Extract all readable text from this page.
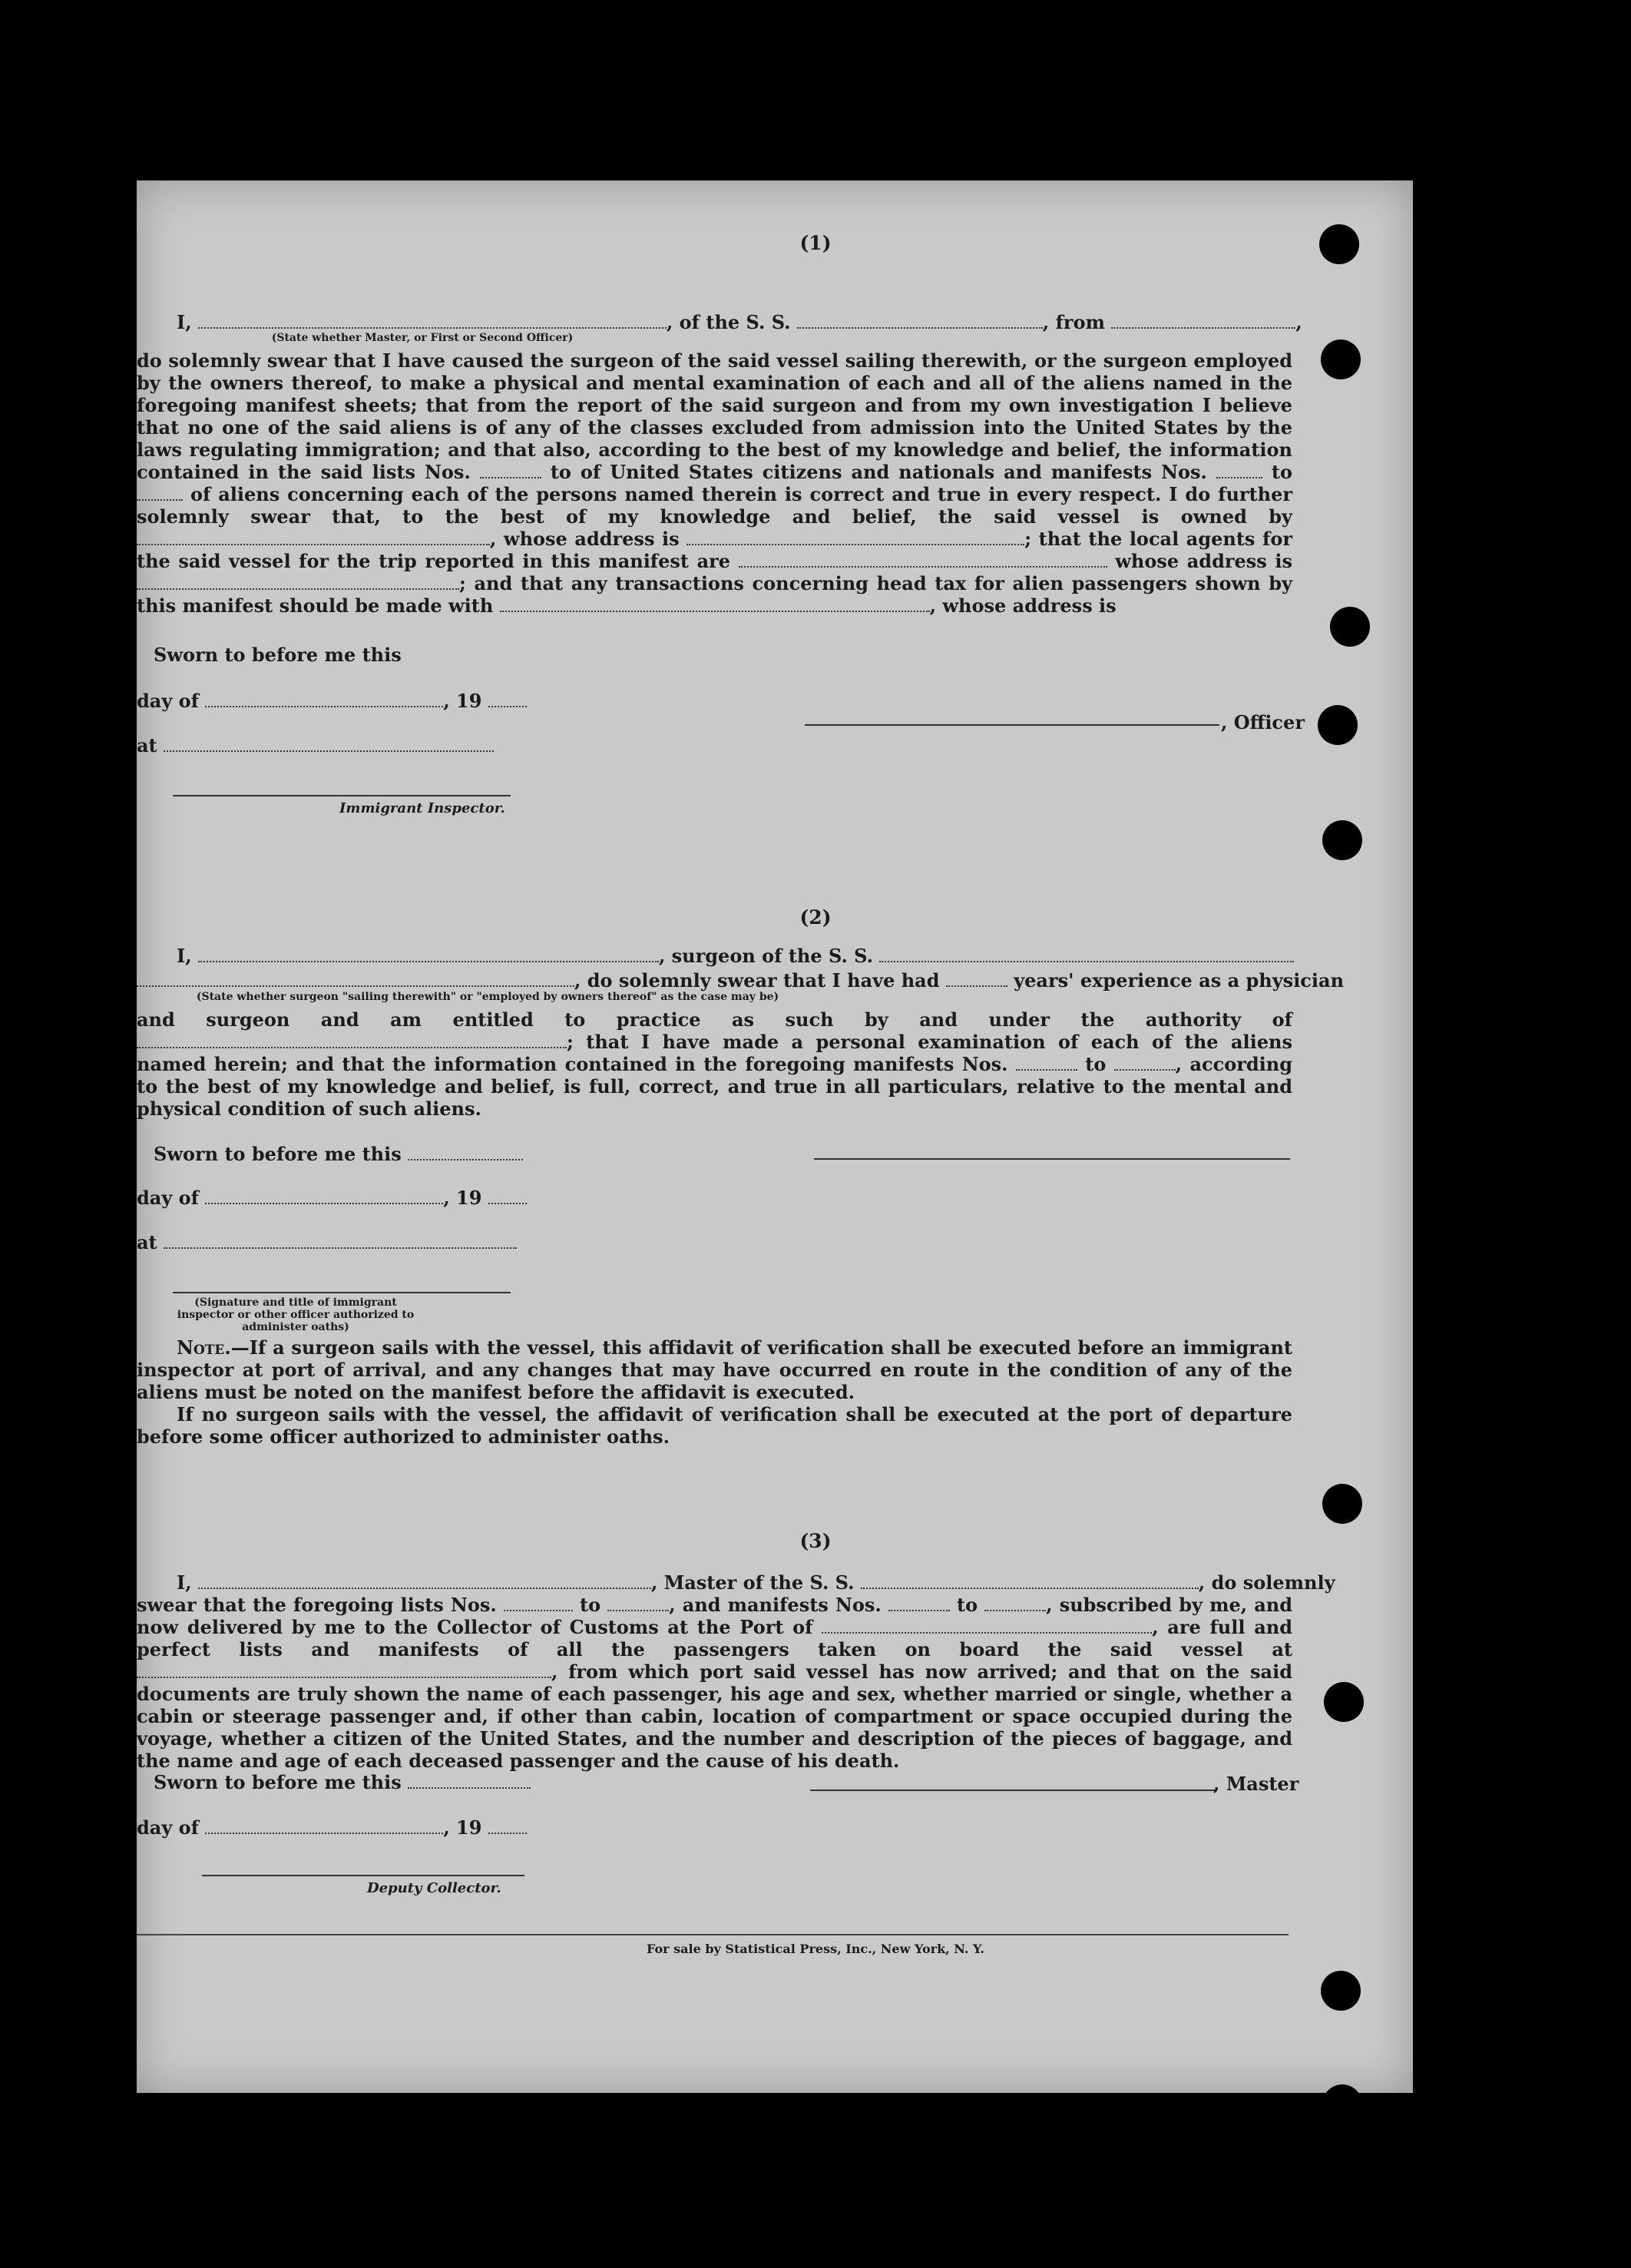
(1)
I,	, of the S. S.	, from	,
(State whether Master, or First or Second Officer)

do solemnly swear that I have caused the surgeon of the said vessel sailing therewith, or the surgeon employed by the owners thereof, to make a physical and mental examination of each and all of the aliens named in the foregoing manifest sheets; that from the report of the said surgeon and from my own investigation I believe that no one of the said aliens is of any of the classes excluded from admission into the United States by the laws regulating immigration; and that also, according to the best of my knowledge and belief, the information contained in the said lists Nos.	to of United States citizens and nationals and manifests Nos.	to  of aliens concerning each of the persons named therein is correct and true in every respect. I do further solemnly swear that, to the best of my knowledge and belief, the said vessel is owned by , whose address is	; that the local agents for the said vessel for the trip reported in this manifest are	whose address is ; and that any transactions concerning head tax for alien passengers shown by this manifest should be made with	, whose address is

Sworn to before me this
day of	, 19
at
Immigrant Inspector.
, Officer
(2)
I,	, surgeon of the S. S.
, do solemnly swear that I have had	years' experience as a physician
(State whether surgeon "sailing therewith" or "employed by owners thereof" as the case may be)

and surgeon and am entitled to practice as such by and under the authority of ; that I have made a personal examination of each of the aliens named herein; and that the information contained in the foregoing manifests Nos.	to	, according to the best of my knowledge and belief, is full, correct, and true in all particulars, relative to the mental and physical condition of such aliens.

Sworn to before me this
day of	, 19
at
(Signature and title of immigrant inspector or other officer authorized to administer oaths)

Note.—If a surgeon sails with the vessel, this affidavit of verification shall be executed before an immigrant inspector at port of arrival, and any changes that may have occurred en route in the condition of any of the aliens must be noted on the manifest before the affidavit is executed.

If no surgeon sails with the vessel, the affidavit of verification shall be executed at the port of departure before some officer authorized to administer oaths.

(3)
I,	, Master of the S. S.	, do solemnly

swear that the foregoing lists Nos.	to	, and manifests Nos.	to	, subscribed by me, and now delivered by me to the Collector of Customs at the Port of	, are full and perfect lists and manifests of all the passengers taken on board the said vessel at , from which port said vessel has now arrived; and that on the said documents are truly shown the name of each passenger, his age and sex, whether married or single, whether a cabin or steerage passenger and, if other than cabin, location of compartment or space occupied during the voyage, whether a citizen of the United States, and the number and description of the pieces of baggage, and the name and age of each deceased passenger and the cause of his death.

Sworn to before me this	, Master
day of	, 19
Deputy Collector.
For sale by Statistical Press, Inc., New York, N. Y.
